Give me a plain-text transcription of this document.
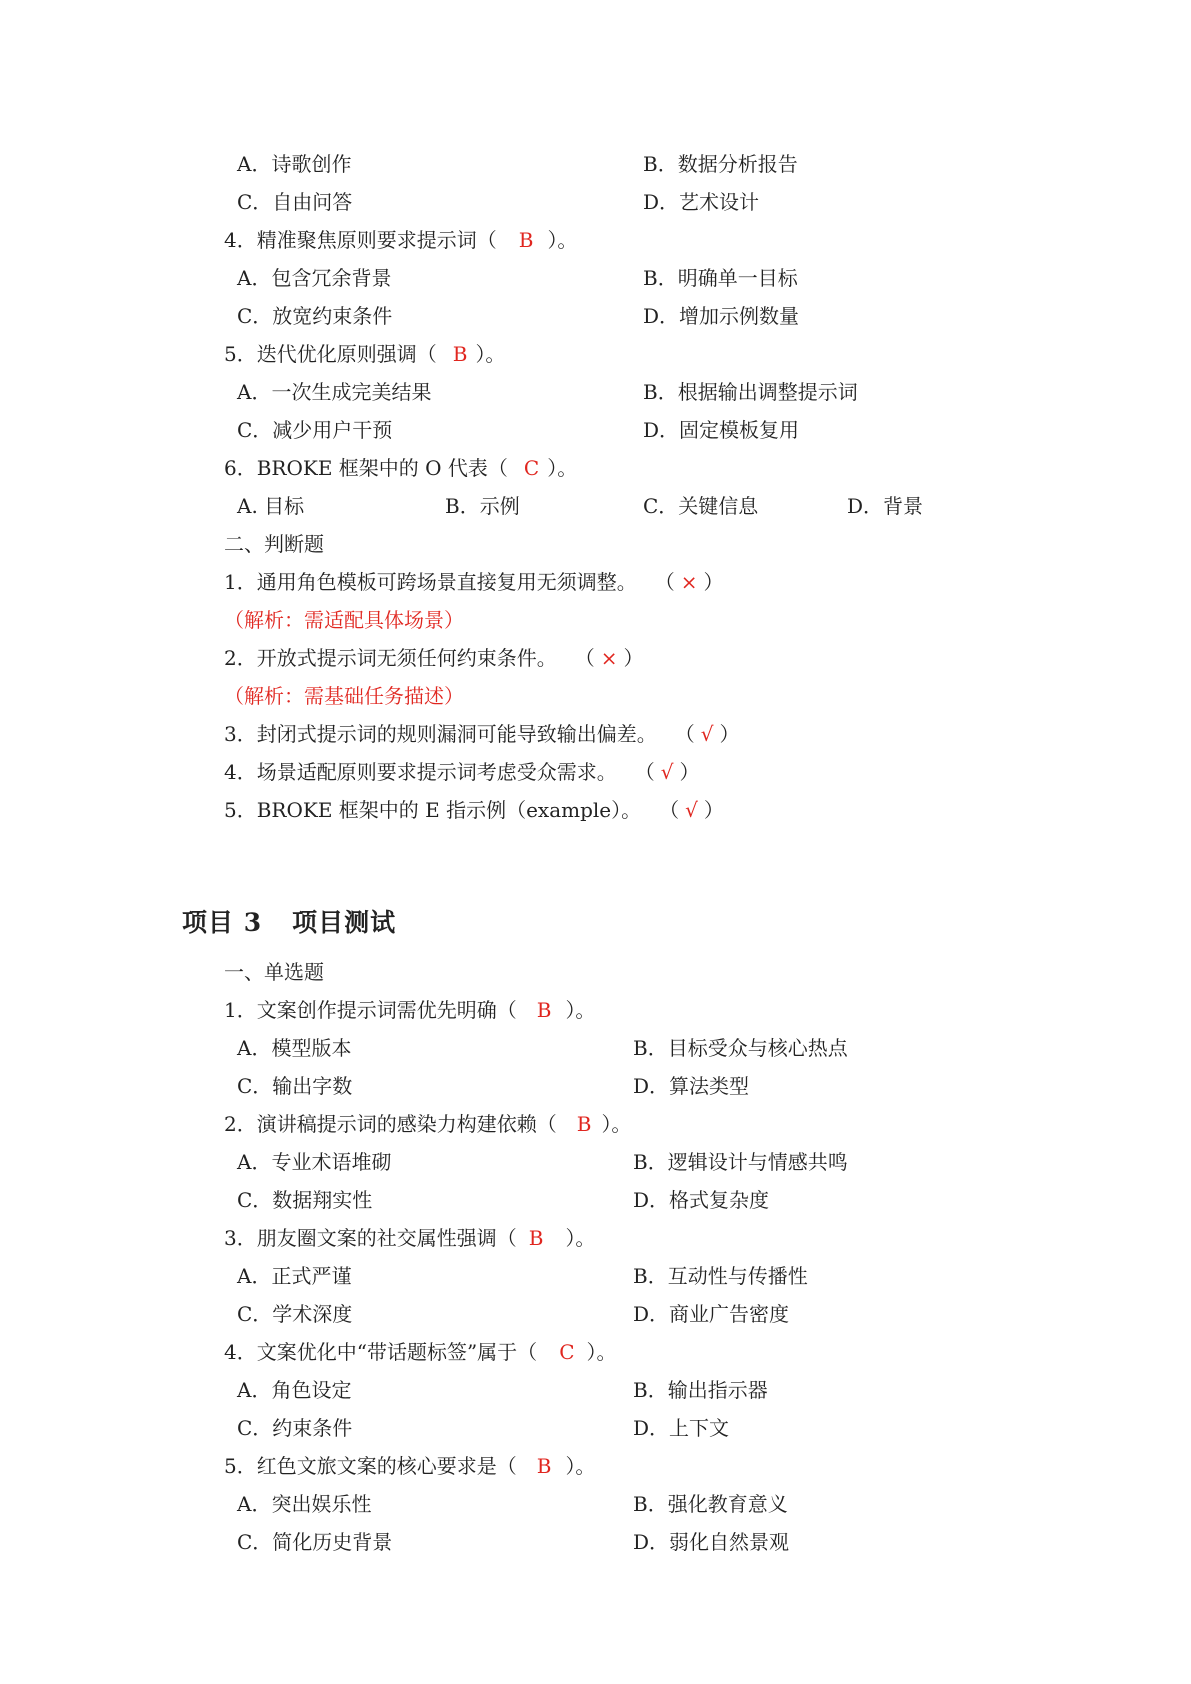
A．诗歌创作	B．数据分析报告
C．自由问答	D．艺术设计
4．精准聚焦原则要求提示词（ B ）。
A．包含冗余背景	B．明确单一目标
C．放宽约束条件	D．增加示例数量
5．迭代优化原则强调（ B ）。
A．一次生成完美结果	B．根据输出调整提示词
C．减少用户干预	D．固定模板复用
6．BROKE 框架中的 O 代表（ C ）。
A. 目标	B．示例	C．关键信息	D．背景
二、判断题
1．通用角色模板可跨场景直接复用无须调整。 （ × ）
（解析：需适配具体场景）
2．开放式提示词无须任何约束条件。 （ × ）
（解析：需基础任务描述）
3．封闭式提示词的规则漏洞可能导致输出偏差。 （ √ ）
4．场景适配原则要求提示词考虑受众需求。 （ √ ）
5．BROKE 框架中的 E 指示例（example）。 （ √ ）
项目 3 项目测试
一、单选题
1．文案创作提示词需优先明确（ B ）。
A．模型版本	B．目标受众与核心热点
C．输出字数	D．算法类型
2．演讲稿提示词的感染力构建依赖（ B ）。
A．专业术语堆砌	B．逻辑设计与情感共鸣
C．数据翔实性	D．格式复杂度
3．朋友圈文案的社交属性强调（ B ）。
A．正式严谨	B．互动性与传播性
C．学术深度	D．商业广告密度
4．文案优化中“带话题标签”属于（ C ）。
A．角色设定	B．输出指示器
C．约束条件	D．上下文
5．红色文旅文案的核心要求是（ B ）。
A．突出娱乐性	B．强化教育意义
C．简化历史背景	D．弱化自然景观
